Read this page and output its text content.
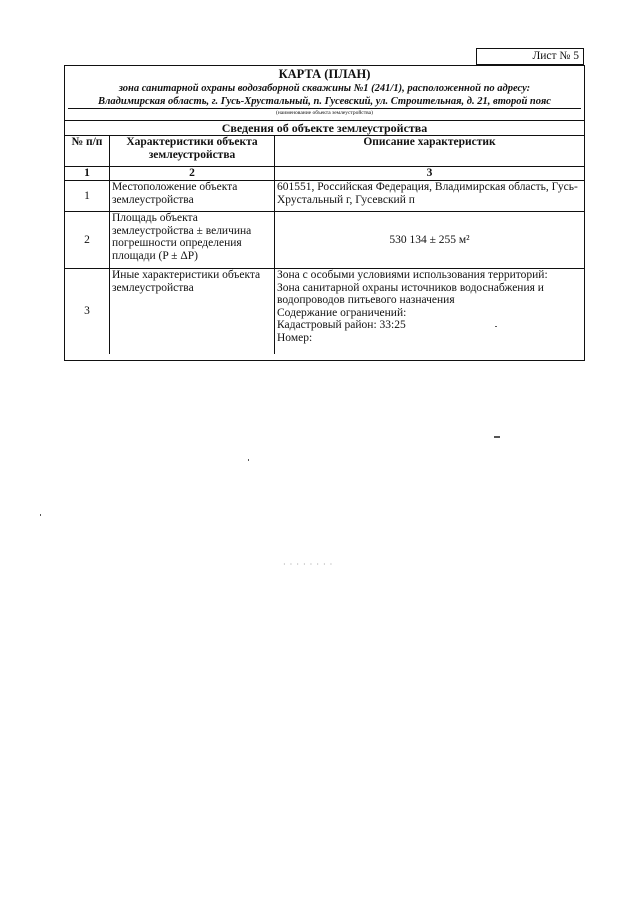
Лист № 5
КАРТА (ПЛАН)
зона санитарной охраны водозаборной скважины №1 (241/1), расположенной по адресу:
Владимирская область, г. Гусь-Хрустальный, п. Гусевский, ул. Строительная, д. 21, второй пояс
(наименование объекта землеустройства)
Сведения об объекте землеустройства
№ п/п	Характеристики объекта землеустройства	Описание характеристик
1	2	3
1	Местоположение объекта землеустройства	601551, Российская Федерация, Владимирская область, Гусь-Хрустальный г, Гусевский п
2	Площадь объекта землеустройства ± величина погрешности определения площади (P ± ΔP)	530 134 ± 255 м²
3	Иные характеристики объекта землеустройства	Зона с особыми условиями использования территорий:
Зона санитарной охраны источников водоснабжения и водопроводов питьевого назначения
Содержание ограничений:
Кадастровый район: 33:25
Номер:
· · · · · · · ·
